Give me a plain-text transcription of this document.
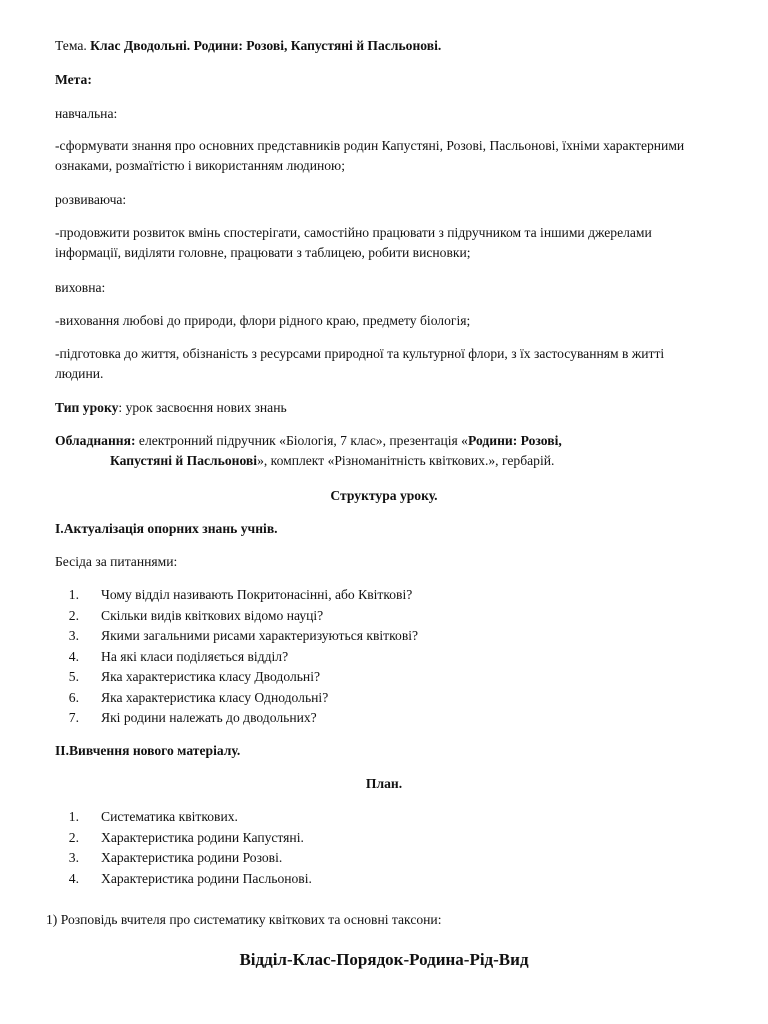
Тема. Клас Дводольні. Родини: Розові, Капустяні й Пасльонові.

Мета:

навчальна:

-сформувати знання про основних представників родин Капустяні, Розові, Пасльонові, їхніми характерними ознаками, розмаїтістю і використанням людиною;

розвиваюча:

-продовжити розвиток вмінь спостерігати, самостійно працювати з підручником та іншими джерелами інформації, виділяти головне, працювати з таблицею, робити висновки;

виховна:

-виховання любові до природи, флори рідного краю, предмету біологія;

-підготовка до життя, обізнаність з ресурсами природної та культурної флори, з їх застосуванням в житті людини.

Тип уроку: урок засвоєння нових знань

Обладнання: електронний підручник «Біологія, 7 клас», презентація «Родини: Розові,
Капустяні й Пасльонові», комплект «Різноманітність квіткових.», гербарій.

Структура уроку.

І.Актуалізація опорних знань учнів.

Бесіда за питаннями:

1. Чому відділ називають Покритонасінні, або Квіткові?
2. Скільки видів квіткових відомо науці?
3. Якими загальними рисами характеризуються квіткові?
4. На які класи поділяється відділ?
5. Яка характеристика класу Дводольні?
6. Яка характеристика класу Однодольні?
7. Які родини належать до дводольних?

ІІ.Вивчення нового матеріалу.

План.

1. Систематика квіткових.
2. Характеристика родини Капустяні.
3. Характеристика родини Розові.
4. Характеристика родини Пасльонові.

1) Розповідь вчителя про систематику квіткових та основні таксони:

Відділ-Клас-Порядок-Родина-Рід-Вид
